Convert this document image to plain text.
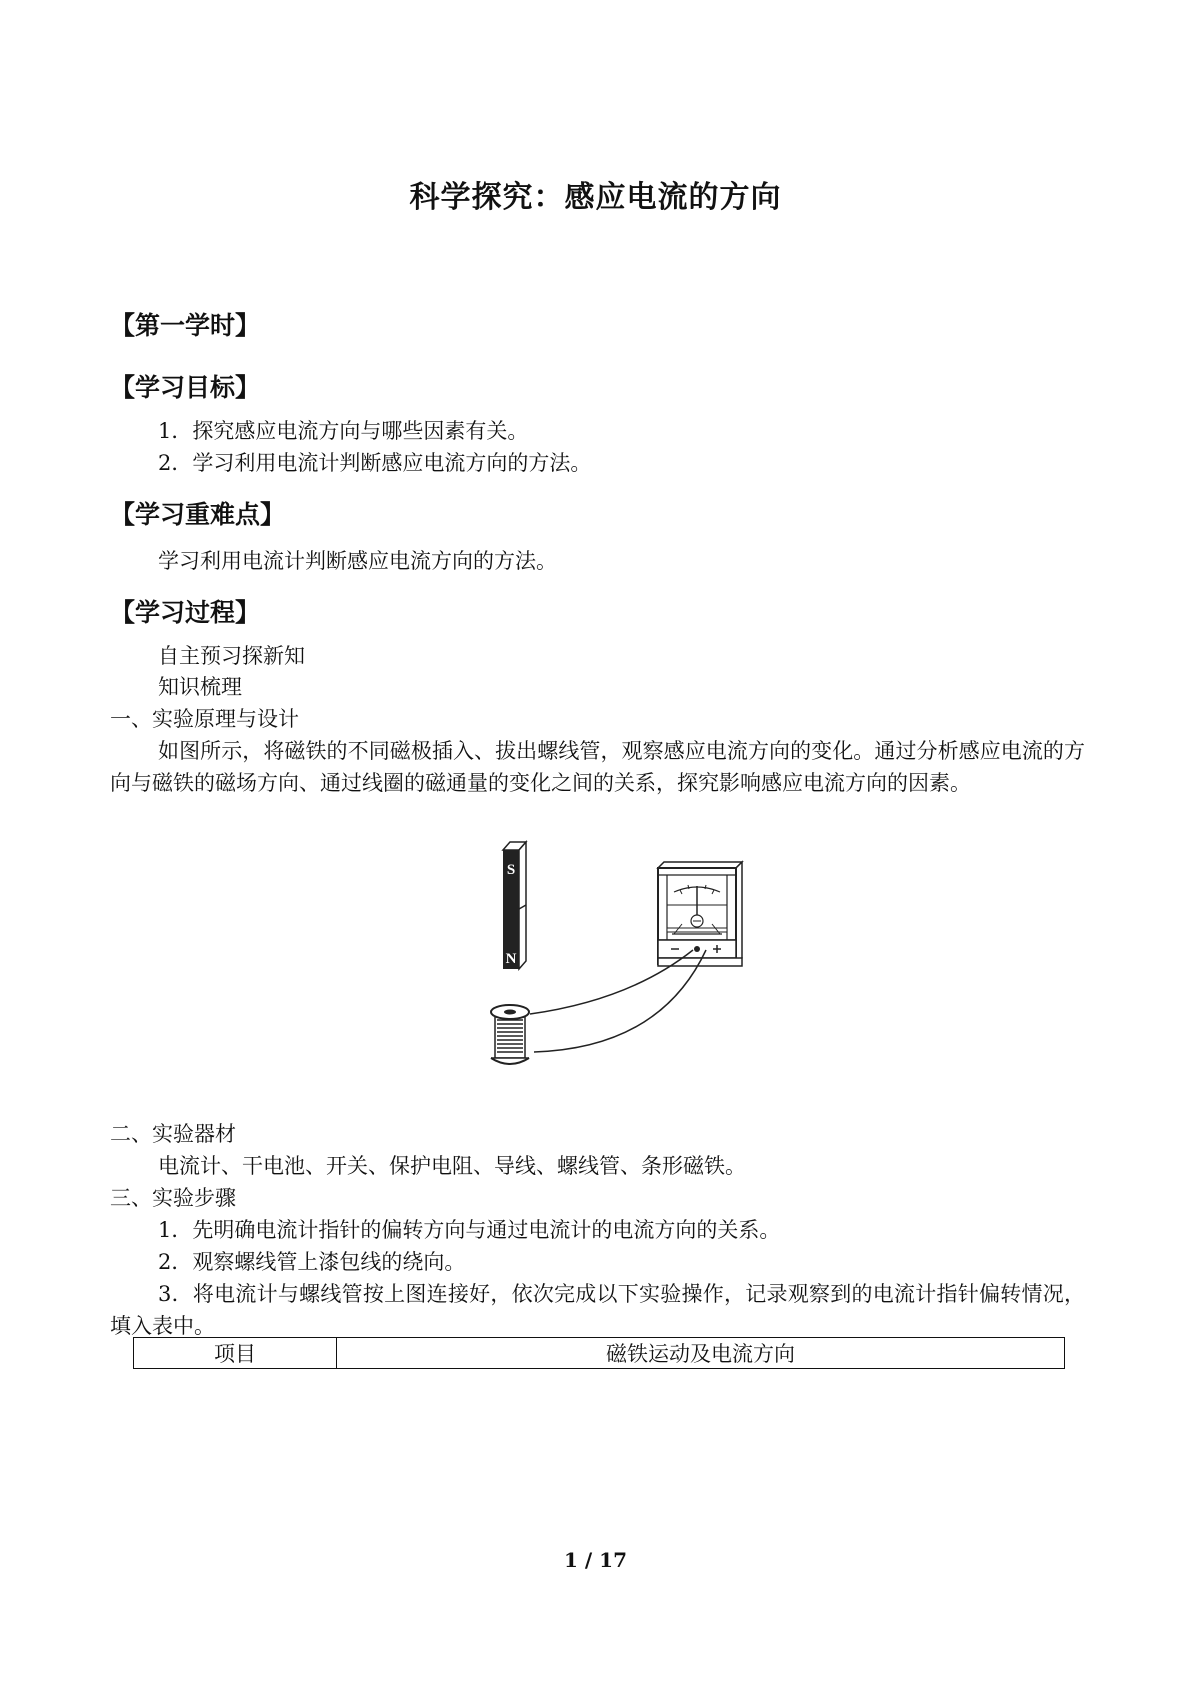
科学探究：感应电流的方向
【第一学时】
【学习目标】
1．探究感应电流方向与哪些因素有关。
2．学习利用电流计判断感应电流方向的方法。
【学习重难点】
学习利用电流计判断感应电流方向的方法。
【学习过程】
自主预习探新知
知识梳理
一、实验原理与设计
如图所示，将磁铁的不同磁极插入、拔出螺线管，观察感应电流方向的变化。通过分析感应电流的方向与磁铁的磁场方向、通过线圈的磁通量的变化之间的关系，探究影响感应电流方向的因素。
S
N
二、实验器材
电流计、干电池、开关、保护电阻、导线、螺线管、条形磁铁。
三、实验步骤
1．先明确电流计指针的偏转方向与通过电流计的电流方向的关系。
2．观察螺线管上漆包线的绕向。
3．将电流计与螺线管按上图连接好，依次完成以下实验操作，记录观察到的电流计指针偏转情况，填入表中。
项目	磁铁运动及电流方向
1 / 17
